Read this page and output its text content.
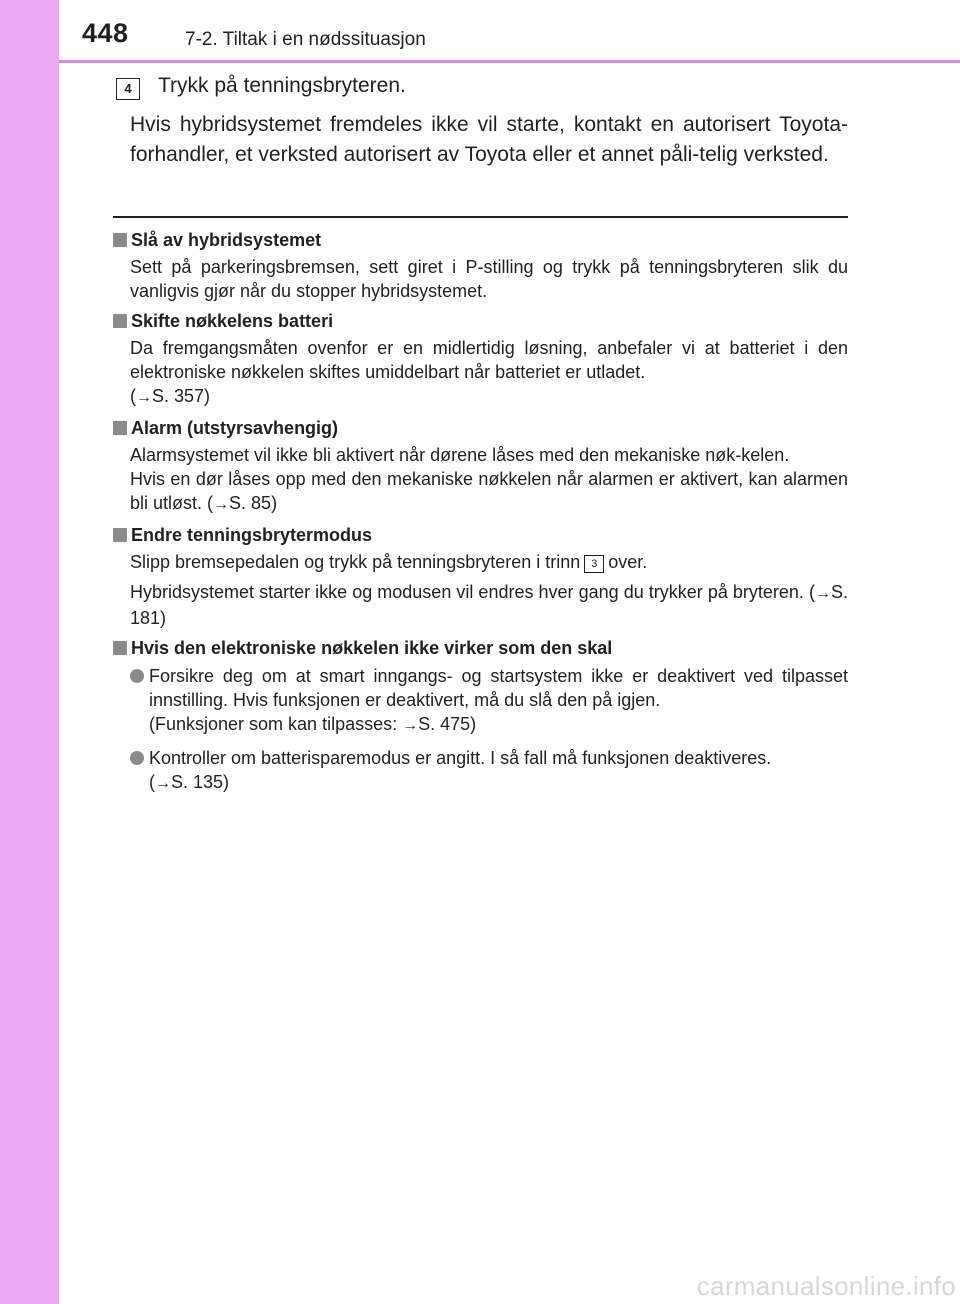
448	7-2. Tiltak i en nødssituasjon
4	Trykk på tenningsbryteren.
Hvis hybridsystemet fremdeles ikke vil starte, kontakt en autorisert Toyota-forhandler, et verksted autorisert av Toyota eller et annet påli-telig verksted.
Slå av hybridsystemet
Sett på parkeringsbremsen, sett giret i P-stilling og trykk på tenningsbryteren slik du vanligvis gjør når du stopper hybridsystemet.
Skifte nøkkelens batteri
Da fremgangsmåten ovenfor er en midlertidig løsning, anbefaler vi at batteriet i den elektroniske nøkkelen skiftes umiddelbart når batteriet er utladet.
(→S. 357)
Alarm (utstyrsavhengig)
Alarmsystemet vil ikke bli aktivert når dørene låses med den mekaniske nøk-kelen.
Hvis en dør låses opp med den mekaniske nøkkelen når alarmen er aktivert, kan alarmen bli utløst. (→S. 85)
Endre tenningsbrytermodus
Slipp bremsepedalen og trykk på tenningsbryteren i trinn 3 over.
Hybridsystemet starter ikke og modusen vil endres hver gang du trykker på bryteren. (→S. 181)
Hvis den elektroniske nøkkelen ikke virker som den skal
Forsikre deg om at smart inngangs- og startsystem ikke er deaktivert ved tilpasset innstilling. Hvis funksjonen er deaktivert, må du slå den på igjen.
(Funksjoner som kan tilpasses: →S. 475)
Kontroller om batterisparemodus er angitt. I så fall må funksjonen deaktiveres.
(→S. 135)
carmanualsonline.info
